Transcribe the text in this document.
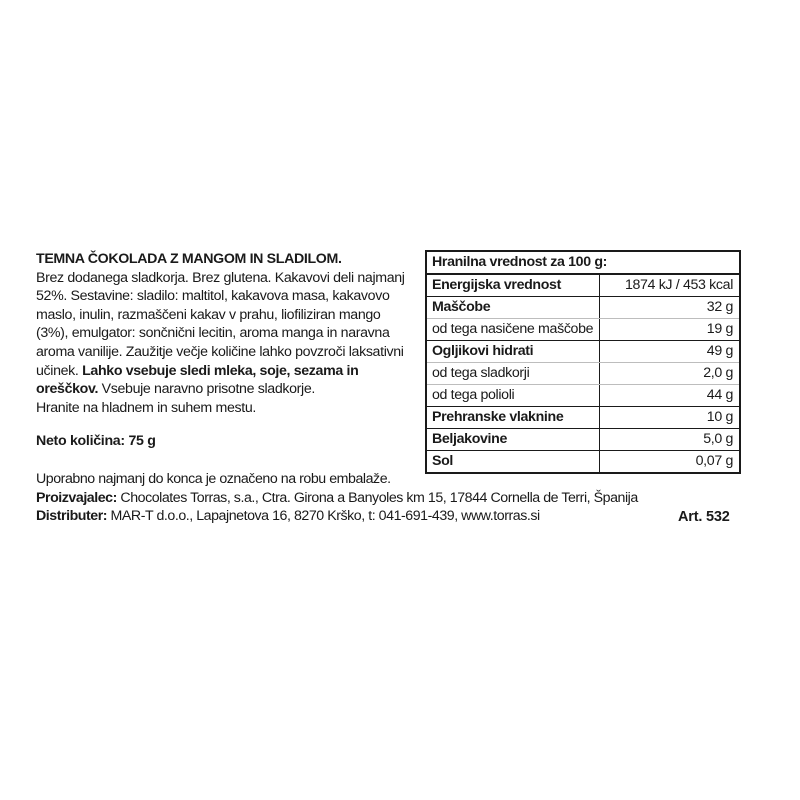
TEMNA ČOKOLADA Z MANGOM IN SLADILOM.
Brez dodanega sladkorja. Brez glutena. Kakavovi deli najmanj
52%. Sestavine: sladilo: maltitol, kakavova masa, kakavovo
maslo, inulin, razmaščeni kakav v prahu, liofiliziran mango
(3%), emulgator: sončnični lecitin, aroma manga in naravna
aroma vanilije. Zaužitje večje količine lahko povzroči laksativni
učinek. Lahko vsebuje sledi mleka, soje, sezama in
oreščkov. Vsebuje naravno prisotne sladkorje.
Hranite na hladnem in suhem mestu.
Neto količina: 75 g
Hranilna vrednost za 100 g:
Energijska vrednost	1874 kJ / 453 kcal
Maščobe	32 g
od tega nasičene maščobe	19 g
Ogljikovi hidrati	49 g
od tega sladkorji	2,0 g
od tega polioli	44 g
Prehranske vlaknine	10 g
Beljakovine	5,0 g
Sol	0,07 g
Uporabno najmanj do konca je označeno na robu embalaže.
Proizvajalec: Chocolates Torras, s.a., Ctra. Girona a Banyoles km 15, 17844 Cornella de Terri, Španija
Distributer: MAR-T d.o.o., Lapajnetova 16, 8270 Krško, t: 041-691-439, www.torras.si	Art. 532
